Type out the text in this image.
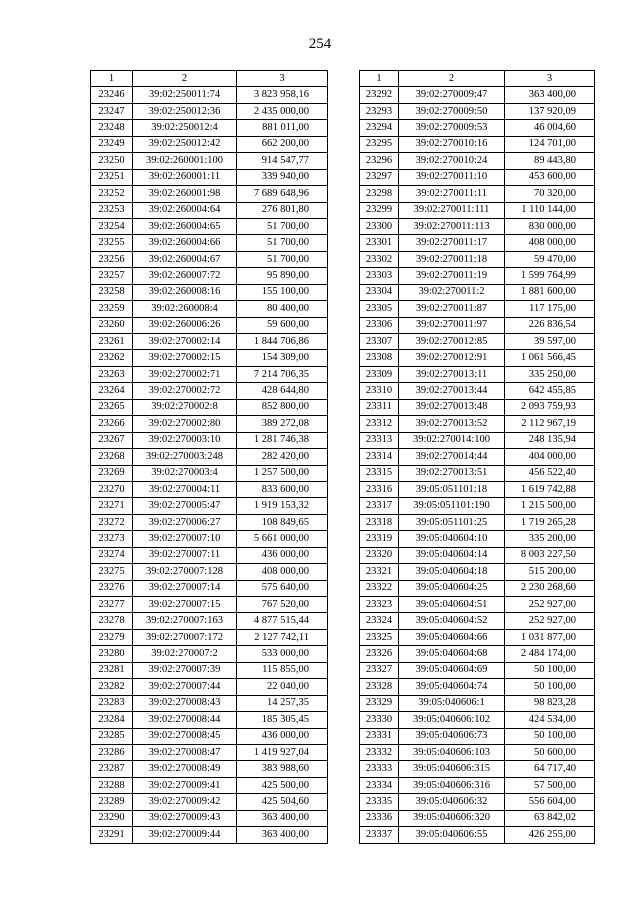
254
1	2	3
23246	39:02:250011:74	3 823 958,16
23247	39:02:250012:36	2 435 000,00
23248	39:02:250012:4	881 011,00
23249	39:02:250012:42	662 200,00
23250	39:02:260001:100	914 547,77
23251	39:02:260001:11	339 940,00
23252	39:02:260001:98	7 689 648,96
23253	39:02:260004:64	276 801,80
23254	39:02:260004:65	51 700,00
23255	39:02:260004:66	51 700,00
23256	39:02:260004:67	51 700,00
23257	39:02:260007:72	95 890,00
23258	39:02:260008:16	155 100,00
23259	39:02:260008:4	80 400,00
23260	39:02:260006:26	59 600,00
23261	39:02:270002:14	1 844 706,86
23262	39:02:270002:15	154 309,00
23263	39:02:270002:71	7 214 706,35
23264	39:02:270002:72	428 644,80
23265	39:02:270002:8	852 800,00
23266	39:02:270002:80	389 272,08
23267	39:02:270003:10	1 281 746,38
23268	39:02:270003:248	282 420,00
23269	39:02:270003:4	1 257 500,00
23270	39:02:270004:11	833 600,00
23271	39:02:270005:47	1 919 153,32
23272	39:02:270006:27	108 849,65
23273	39:02:270007:10	5 661 000,00
23274	39:02:270007:11	436 000,00
23275	39:02:270007:128	408 000,00
23276	39:02:270007:14	575 640,00
23277	39:02:270007:15	767 520,00
23278	39:02:270007:163	4 877 515,44
23279	39:02:270007:172	2 127 742,11
23280	39:02:270007:2	533 000,00
23281	39:02:270007:39	115 855,00
23282	39:02:270007:44	22 040,00
23283	39:02:270008:43	14 257,35
23284	39:02:270008:44	185 305,45
23285	39:02:270008:45	436 000,00
23286	39:02:270008:47	1 419 927,04
23287	39:02:270008:49	383 988,60
23288	39:02:270009:41	425 500,00
23289	39:02:270009:42	425 504,60
23290	39:02:270009:43	363 400,00
23291	39:02:270009:44	363 400,00
1	2	3
23292	39:02:270009:47	363 400,00
23293	39:02:270009:50	137 920,09
23294	39:02:270009:53	46 004,60
23295	39:02:270010:16	124 701,00
23296	39:02:270010:24	89 443,80
23297	39:02:270011:10	453 600,00
23298	39:02:270011:11	70 320,00
23299	39:02:270011:111	1 110 144,00
23300	39:02:270011:113	830 000,00
23301	39:02:270011:17	408 000,00
23302	39:02:270011:18	59 470,00
23303	39:02:270011:19	1 599 764,99
23304	39:02:270011:2	1 881 600,00
23305	39:02:270011:87	117 175,00
23306	39:02:270011:97	226 836,54
23307	39:02:270012:85	39 597,00
23308	39:02:270012:91	1 061 566,45
23309	39:02:270013:11	335 250,00
23310	39:02:270013:44	642 455,85
23311	39:02:270013:48	2 093 759,93
23312	39:02:270013:52	2 112 967,19
23313	39:02:270014:100	248 135,94
23314	39:02:270014:44	404 000,00
23315	39:02:270013:51	456 522,40
23316	39:05:051101:18	1 619 742,88
23317	39:05:051101:190	1 215 500,00
23318	39:05:051101:25	1 719 265,28
23319	39:05:040604:10	335 200,00
23320	39:05:040604:14	8 003 227,50
23321	39:05:040604:18	515 200,00
23322	39:05:040604:25	2 230 268,60
23323	39:05:040604:51	252 927,00
23324	39:05:040604:52	252 927,00
23325	39:05:040604:66	1 031 877,00
23326	39:05:040604:68	2 484 174,00
23327	39:05:040604:69	50 100,00
23328	39:05:040604:74	50 100,00
23329	39:05:040606:1	98 823,28
23330	39:05:040606:102	424 534,00
23331	39:05:040606:73	50 100,00
23332	39:05:040606:103	50 600,00
23333	39:05:040606:315	64 717,40
23334	39:05:040606:316	57 500,00
23335	39:05:040606:32	556 604,00
23336	39:05:040606:320	63 842,02
23337	39:05:040606:55	426 255,00
